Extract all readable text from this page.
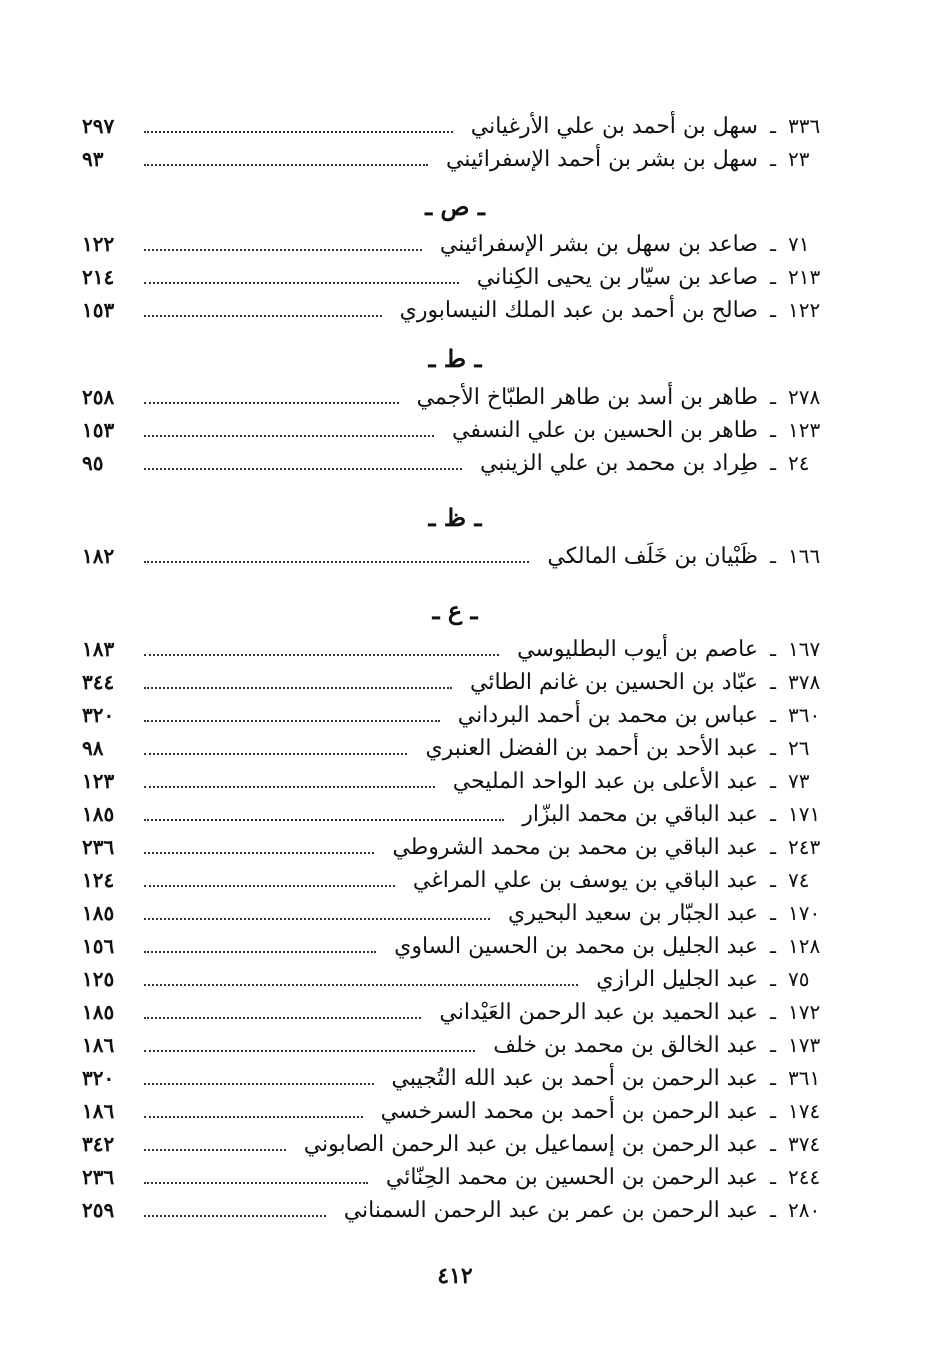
٣٣٦
ـ
سهل بن أحمد بن علي الأرغياني
٢٩٧
٢٣
ـ
سهل بن بشر بن أحمد الإسفرائيني
٩٣
ـ ص ـ
٧١
ـ
صاعد بن سهل بن بشر الإسفرائيني
١٢٢
٢١٣
ـ
صاعد بن سيّار بن يحيى الكِناني
٢١٤
١٢٢
ـ
صالح بن أحمد بن عبد الملك النيسابوري
١٥٣
ـ ط ـ
٢٧٨
ـ
طاهر بن أسد بن طاهر الطبّاخ الأجمي
٢٥٨
١٢٣
ـ
طاهر بن الحسين بن علي النسفي
١٥٣
٢٤
ـ
طِراد بن محمد بن علي الزينبي
٩٥
ـ ظ ـ
١٦٦
ـ
ظَبْيان بن خَلَف المالكي
١٨٢
ـ ع ـ
١٦٧
ـ
عاصم بن أيوب البطليوسي
١٨٣
٣٧٨
ـ
عبّاد بن الحسين بن غانم الطائي
٣٤٤
٣٦٠
ـ
عباس بن محمد بن أحمد البرداني
٣٢٠
٢٦
ـ
عبد الأحد بن أحمد بن الفضل العنبري
٩٨
٧٣
ـ
عبد الأعلى بن عبد الواحد المليحي
١٢٣
١٧١
ـ
عبد الباقي بن محمد البزّار
١٨٥
٢٤٣
ـ
عبد الباقي بن محمد بن محمد الشروطي
٢٣٦
٧٤
ـ
عبد الباقي بن يوسف بن علي المراغي
١٢٤
١٧٠
ـ
عبد الجبّار بن سعيد البحيري
١٨٥
١٢٨
ـ
عبد الجليل بن محمد بن الحسين الساوي
١٥٦
٧٥
ـ
عبد الجليل الرازي
١٢٥
١٧٢
ـ
عبد الحميد بن عبد الرحمن العَيْداني
١٨٥
١٧٣
ـ
عبد الخالق بن محمد بن خلف
١٨٦
٣٦١
ـ
عبد الرحمن بن أحمد بن عبد الله التُجيبي
٣٢٠
١٧٤
ـ
عبد الرحمن بن أحمد بن محمد السرخسي
١٨٦
٣٧٤
ـ
عبد الرحمن بن إسماعيل بن عبد الرحمن الصابوني
٣٤٢
٢٤٤
ـ
عبد الرحمن بن الحسين بن محمد الحِنّائي
٢٣٦
٢٨٠
ـ
عبد الرحمن بن عمر بن عبد الرحمن السمناني
٢٥٩
٤١٢
